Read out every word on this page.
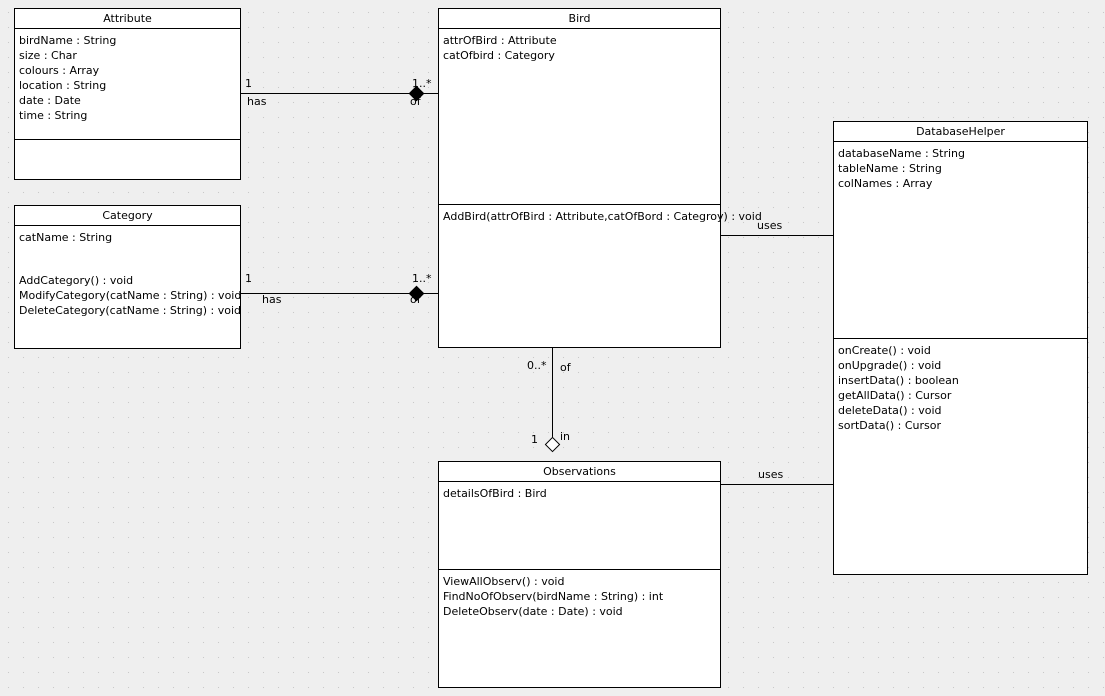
Attribute
birdName : String
size : Char
colours : Array
location : String
date : Date
time : String
Category
catName : String
AddCategory() : void
ModifyCategory(catName : String) : void
DeleteCategory(catName : String) : void
Bird
attrOfBird : Attribute
catOfbird : Category
AddBird(attrOfBird : Attribute,catOfBord : Categroy) : void
Observations
detailsOfBird : Bird
ViewAllObserv() : void
FindNoOfObserv(birdName : String) : int
DeleteObserv(date : Date) : void
DatabaseHelper
databaseName : String
tableName : String
colNames : Array
onCreate() : void
onUpgrade() : void
insertData() : boolean
getAllData() : Cursor
deleteData() : void
sortData() : Cursor
1
has
1..*
of
1
has
1..*
of
0..* of
1 in
uses
uses
